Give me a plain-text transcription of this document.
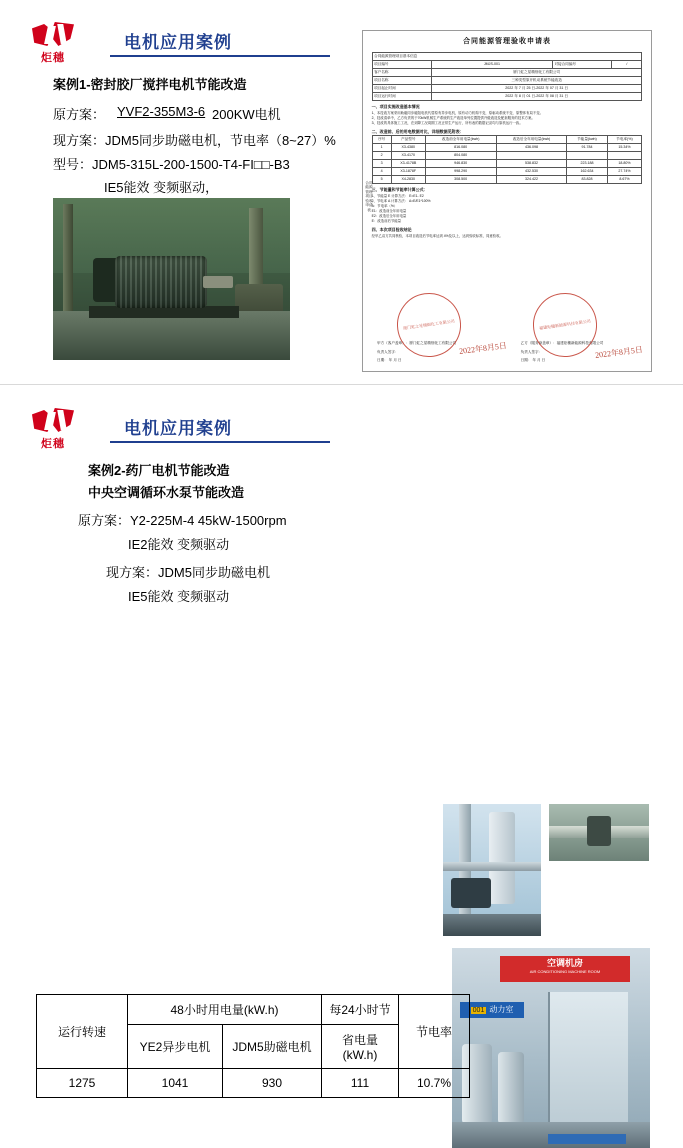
炬穗
电机应用案例
案例1-密封胶厂搅拌电机节能改造
原方案： YVF2-355M3-6 200KW电机
现方案：JDM5同步助磁电机，节电率（8~27）%
型号：JDM5-315L-200-1500-T4-FI□□-B3
IE5能效 变频驱动，
合同能源管理验收申请表
合同能源管理项目基本信息			
项目编号	JMJS-001	对接合同编号	/
客户名称	厦门虹之星精细化工有限公司		
项目名称	三种类型原开机动系统节能改造		
项目起止时间	2022 年 7 月 25 日-2022 年 07 月 31 日		
项目运行时间	2022 年 8 月 01 日-2022 年 08 月 31 日		
一、项目实施改造基本情况
1、本技改方案采用助磁同步磁阻电机代替原有异步电机，原有动力机构不变，原驱动系统不变，原整体布局不变。
2、技改清单中，乙方负责的于70kW机械生产系统的生产改造单列位置提供升级改造及配套服务的技术方案。
3、技改的具体施工工况，在到降工况周期工况正常生产运行，所有表的数据记录均与原机运行一致。
二、改造前、后的用电数据对比，详细数据见附表：
序号	产品型号	改造前全年用电量(kwh)	改造后全年用电量(kwh)	节能量(kwh)	节电率(%)
1	X3-4380	816.080	436.098	91.784	15.34%
2	X3-4170	804.080			
3	X3-4178B	946.830	538.832	223.188	18.80%
4	X3-1878F	998.290	432.530	162.634	27.74%
5	X4-2830	308.500	324.422	83.828	8.67%
三、节能量和节能率计算公式：
1、节能量 E 计算方法： E=E1- E2
2、节电率 A 计算方法： A=E/E1*100%
A：节电率（%）
E1：改造前全年用电量
E2：改造后全年用电量
E：改造前后节能量
四、本次项目验收结论
经甲乙双方共同核验，本项目改造后节电率达到 4%及以上，达到验收标准，同意验收。
合同能源管理项目验收申请表
甲方（客户盖章）：厦门虹之星精细化工有限公司
负责人签字：
日期： 年 月 日
乙方（服务商盖章）：福建炬穗新能源科技有限公司
负责人签字：
日期： 年 月 日
厦门虹之星精细化工有限公司	福建炬穗新能源科技有限公司
2022年8月5日	2022年8月5日
炬穗
电机应用案例
案例2-药厂电机节能改造
中央空调循环水泵节能改造
原方案：Y2-225M-4 45kW-1500rpm
IE2能效 变频驱动
现方案：JDM5同步助磁电机
IE5能效 变频驱动
空调机房
AIR CONDITIONING MACHINE ROOM
001 动力室
运行转速	48小时用电量(kW.h)		每24小时节	节电率
	YE2异步电机	JDM5助磁电机	省电量(kW.h)	
1275	1041	930	111	10.7%
